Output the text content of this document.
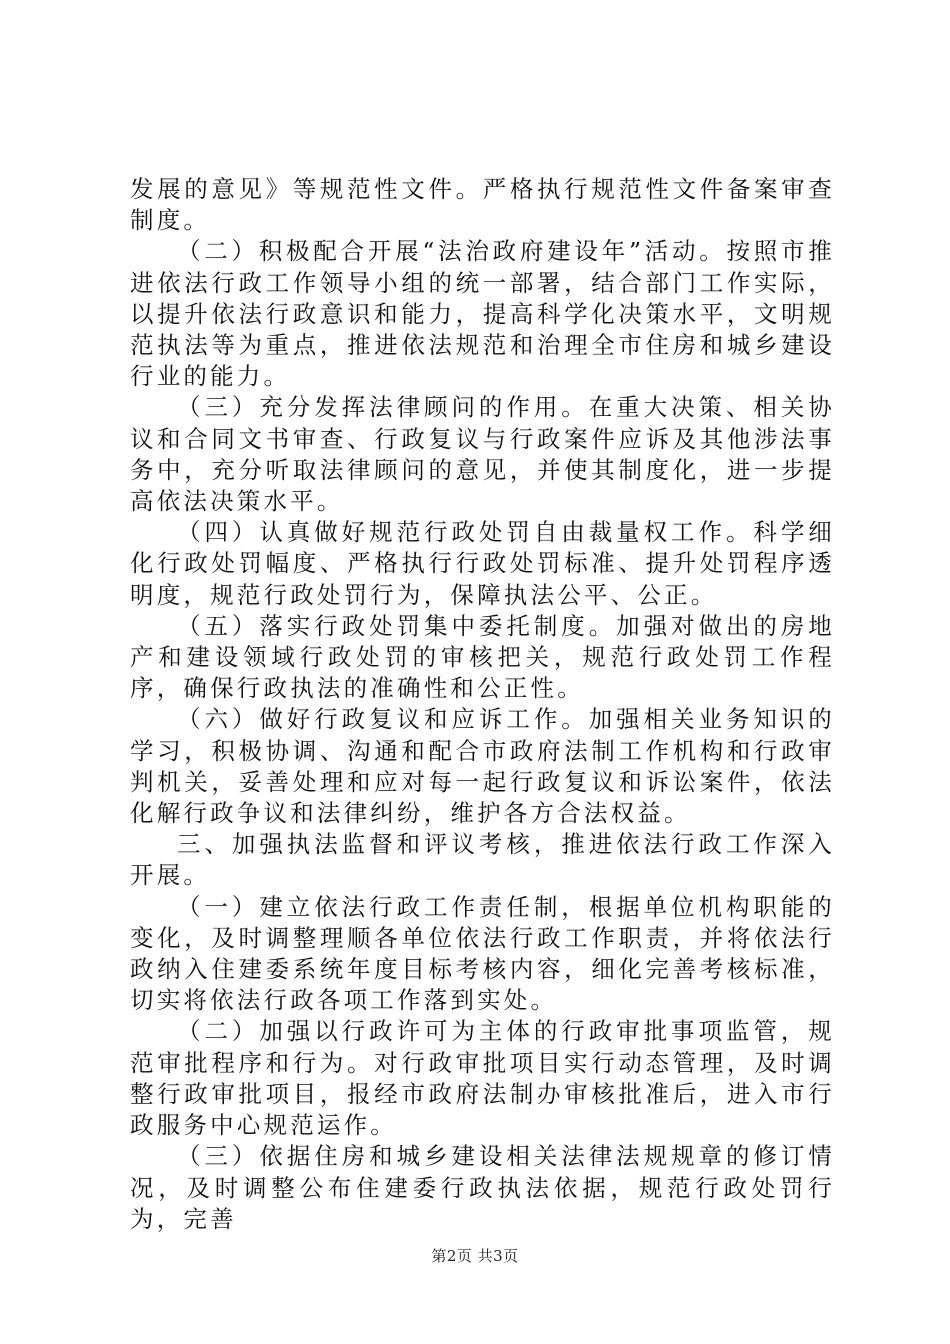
发展的意见》等规范性文件。严格执行规范性文件备案审查制度。

（二）积极配合开展“法治政府建设年”活动。按照市推进依法行政工作领导小组的统一部署，结合部门工作实际，以提升依法行政意识和能力，提高科学化决策水平，文明规范执法等为重点，推进依法规范和治理全市住房和城乡建设行业的能力。

（三）充分发挥法律顾问的作用。在重大决策、相关协议和合同文书审查、行政复议与行政案件应诉及其他涉法事务中，充分听取法律顾问的意见，并使其制度化，进一步提高依法决策水平。

（四）认真做好规范行政处罚自由裁量权工作。科学细化行政处罚幅度、严格执行行政处罚标准、提升处罚程序透明度，规范行政处罚行为，保障执法公平、公正。

（五）落实行政处罚集中委托制度。加强对做出的房地产和建设领域行政处罚的审核把关，规范行政处罚工作程序，确保行政执法的准确性和公正性。

（六）做好行政复议和应诉工作。加强相关业务知识的学习，积极协调、沟通和配合市政府法制工作机构和行政审判机关，妥善处理和应对每一起行政复议和诉讼案件，依法化解行政争议和法律纠纷，维护各方合法权益。

三、加强执法监督和评议考核，推进依法行政工作深入开展。

（一）建立依法行政工作责任制，根据单位机构职能的变化，及时调整理顺各单位依法行政工作职责，并将依法行政纳入住建委系统年度目标考核内容，细化完善考核标准，切实将依法行政各项工作落到实处。

（二）加强以行政许可为主体的行政审批事项监管，规范审批程序和行为。对行政审批项目实行动态管理，及时调整行政审批项目，报经市政府法制办审核批准后，进入市行政服务中心规范运作。

（三）依据住房和城乡建设相关法律法规规章的修订情况，及时调整公布住建委行政执法依据，规范行政处罚行为，完善

第2页 共3页
